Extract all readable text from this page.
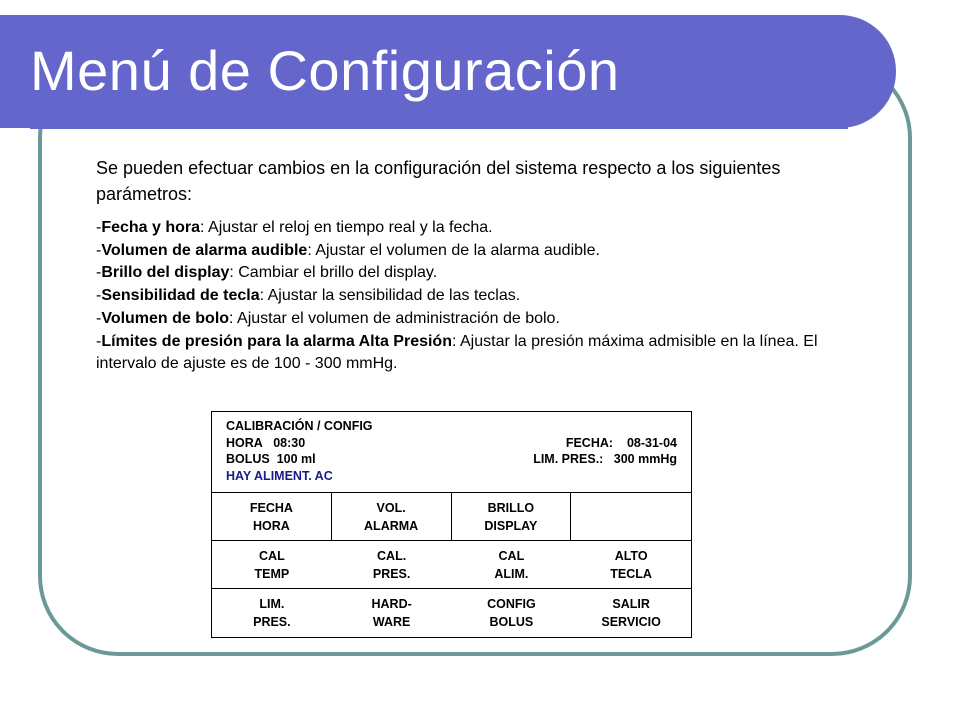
Menú de Configuración

Se pueden efectuar cambios en la configuración del sistema respecto a los siguientes parámetros:

-Fecha y hora: Ajustar el reloj en tiempo real y la fecha.
-Volumen de alarma audible: Ajustar el volumen de la alarma audible.
-Brillo del display: Cambiar el brillo del display.
-Sensibilidad de tecla: Ajustar la sensibilidad de las teclas.
-Volumen de bolo: Ajustar el volumen de administración de bolo.
-Límites de presión para la alarma Alta Presión: Ajustar la presión máxima admisible en la línea. El intervalo de ajuste es de 100 - 300 mmHg.
CALIBRACIÓN / CONFIG
HORA 08:30	FECHA: 08-31-04
BOLUS 100 ml	LIM. PRES.: 300 mmHg
HAY ALIMENT. AC
FECHA
HORA
VOL.
ALARMA
BRILLO
DISPLAY
CAL
TEMP
CAL.
PRES.
CAL
ALIM.
ALTO
TECLA
LIM.
PRES.
HARD-
WARE
CONFIG
BOLUS
SALIR
SERVICIO
